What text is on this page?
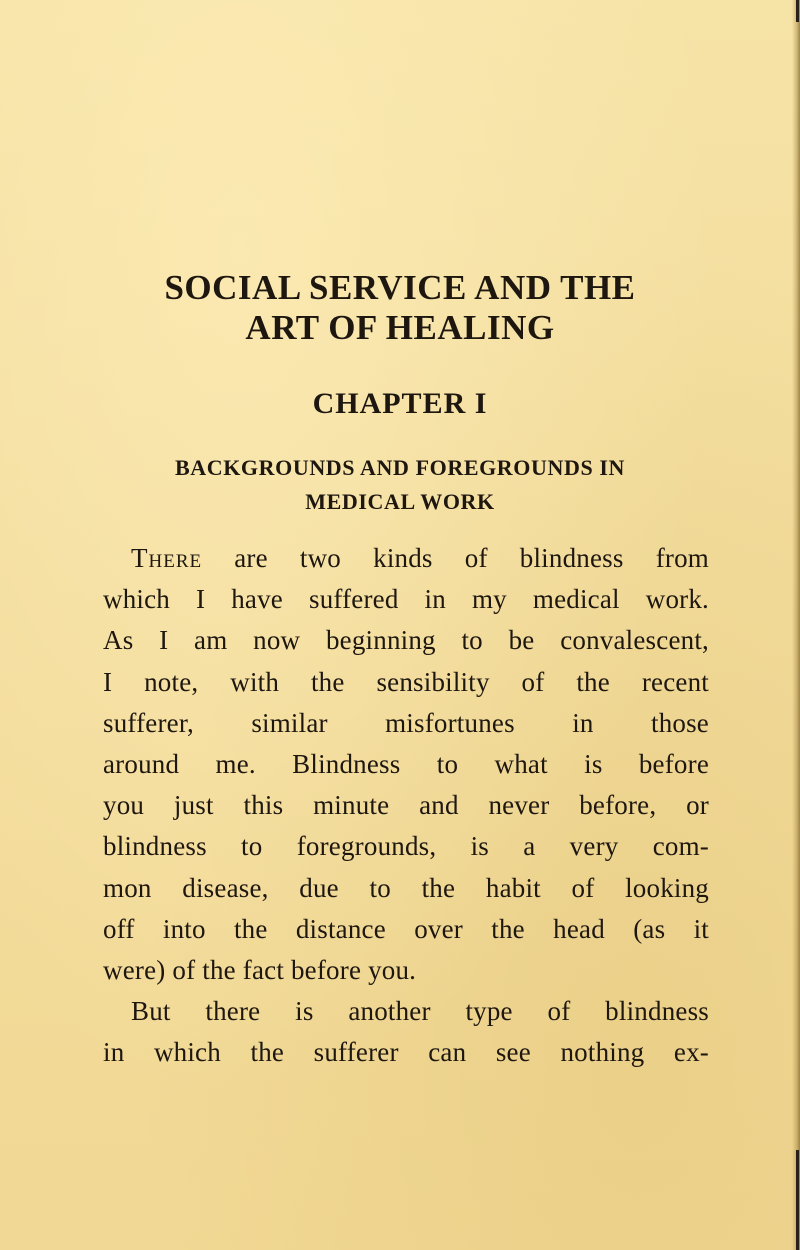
SOCIAL SERVICE AND THE
ART OF HEALING
CHAPTER I
BACKGROUNDS AND FOREGROUNDS IN
MEDICAL WORK
There are two kinds of blindness from
which I have suffered in my medical work.
As I am now beginning to be convalescent,
I note, with the sensibility of the recent
sufferer, similar misfortunes in those
around me. Blindness to what is before
you just this minute and never before, or
blindness to foregrounds, is a very com-
mon disease, due to the habit of looking
off into the distance over the head (as it
were) of the fact before you.
But there is another type of blindness
in which the sufferer can see nothing ex-
